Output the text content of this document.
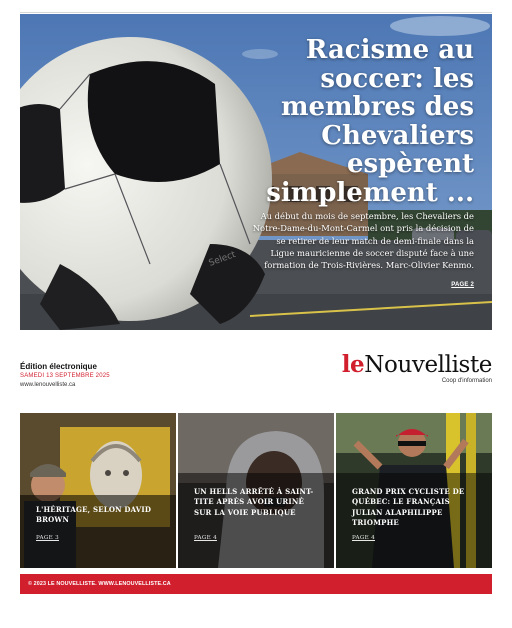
Select
Racisme au soccer: les membres des Chevaliers espèrent simplement ...
Au début du mois de septembre, les Chevaliers de Notre-Dame-du-Mont-Carmel ont pris la décision de se retirer de leur match de demi-finale dans la Ligue mauricienne de soccer disputé face à une formation de Trois-Rivières. Marc-Olivier Kenmo.
PAGE 2
Édition électronique
SAMEDI 13 SEPTEMBRE 2025
www.lenouvelliste.ca
leNouvelliste
Coop d'information
L'HÉRITAGE, SELON DAVID BROWN
PAGE 3
UN HELLS ARRÊTÉ À SAINT-TITE APRÈS AVOIR URINÉ SUR LA VOIE PUBLIQUE
PAGE 4
GRAND PRIX CYCLISTE DE QUÉBEC: LE FRANÇAIS JULIAN ALAPHILIPPE TRIOMPHE
PAGE 4
© 2023 LE NOUVELLISTE. WWW.LENOUVELLISTE.CA
